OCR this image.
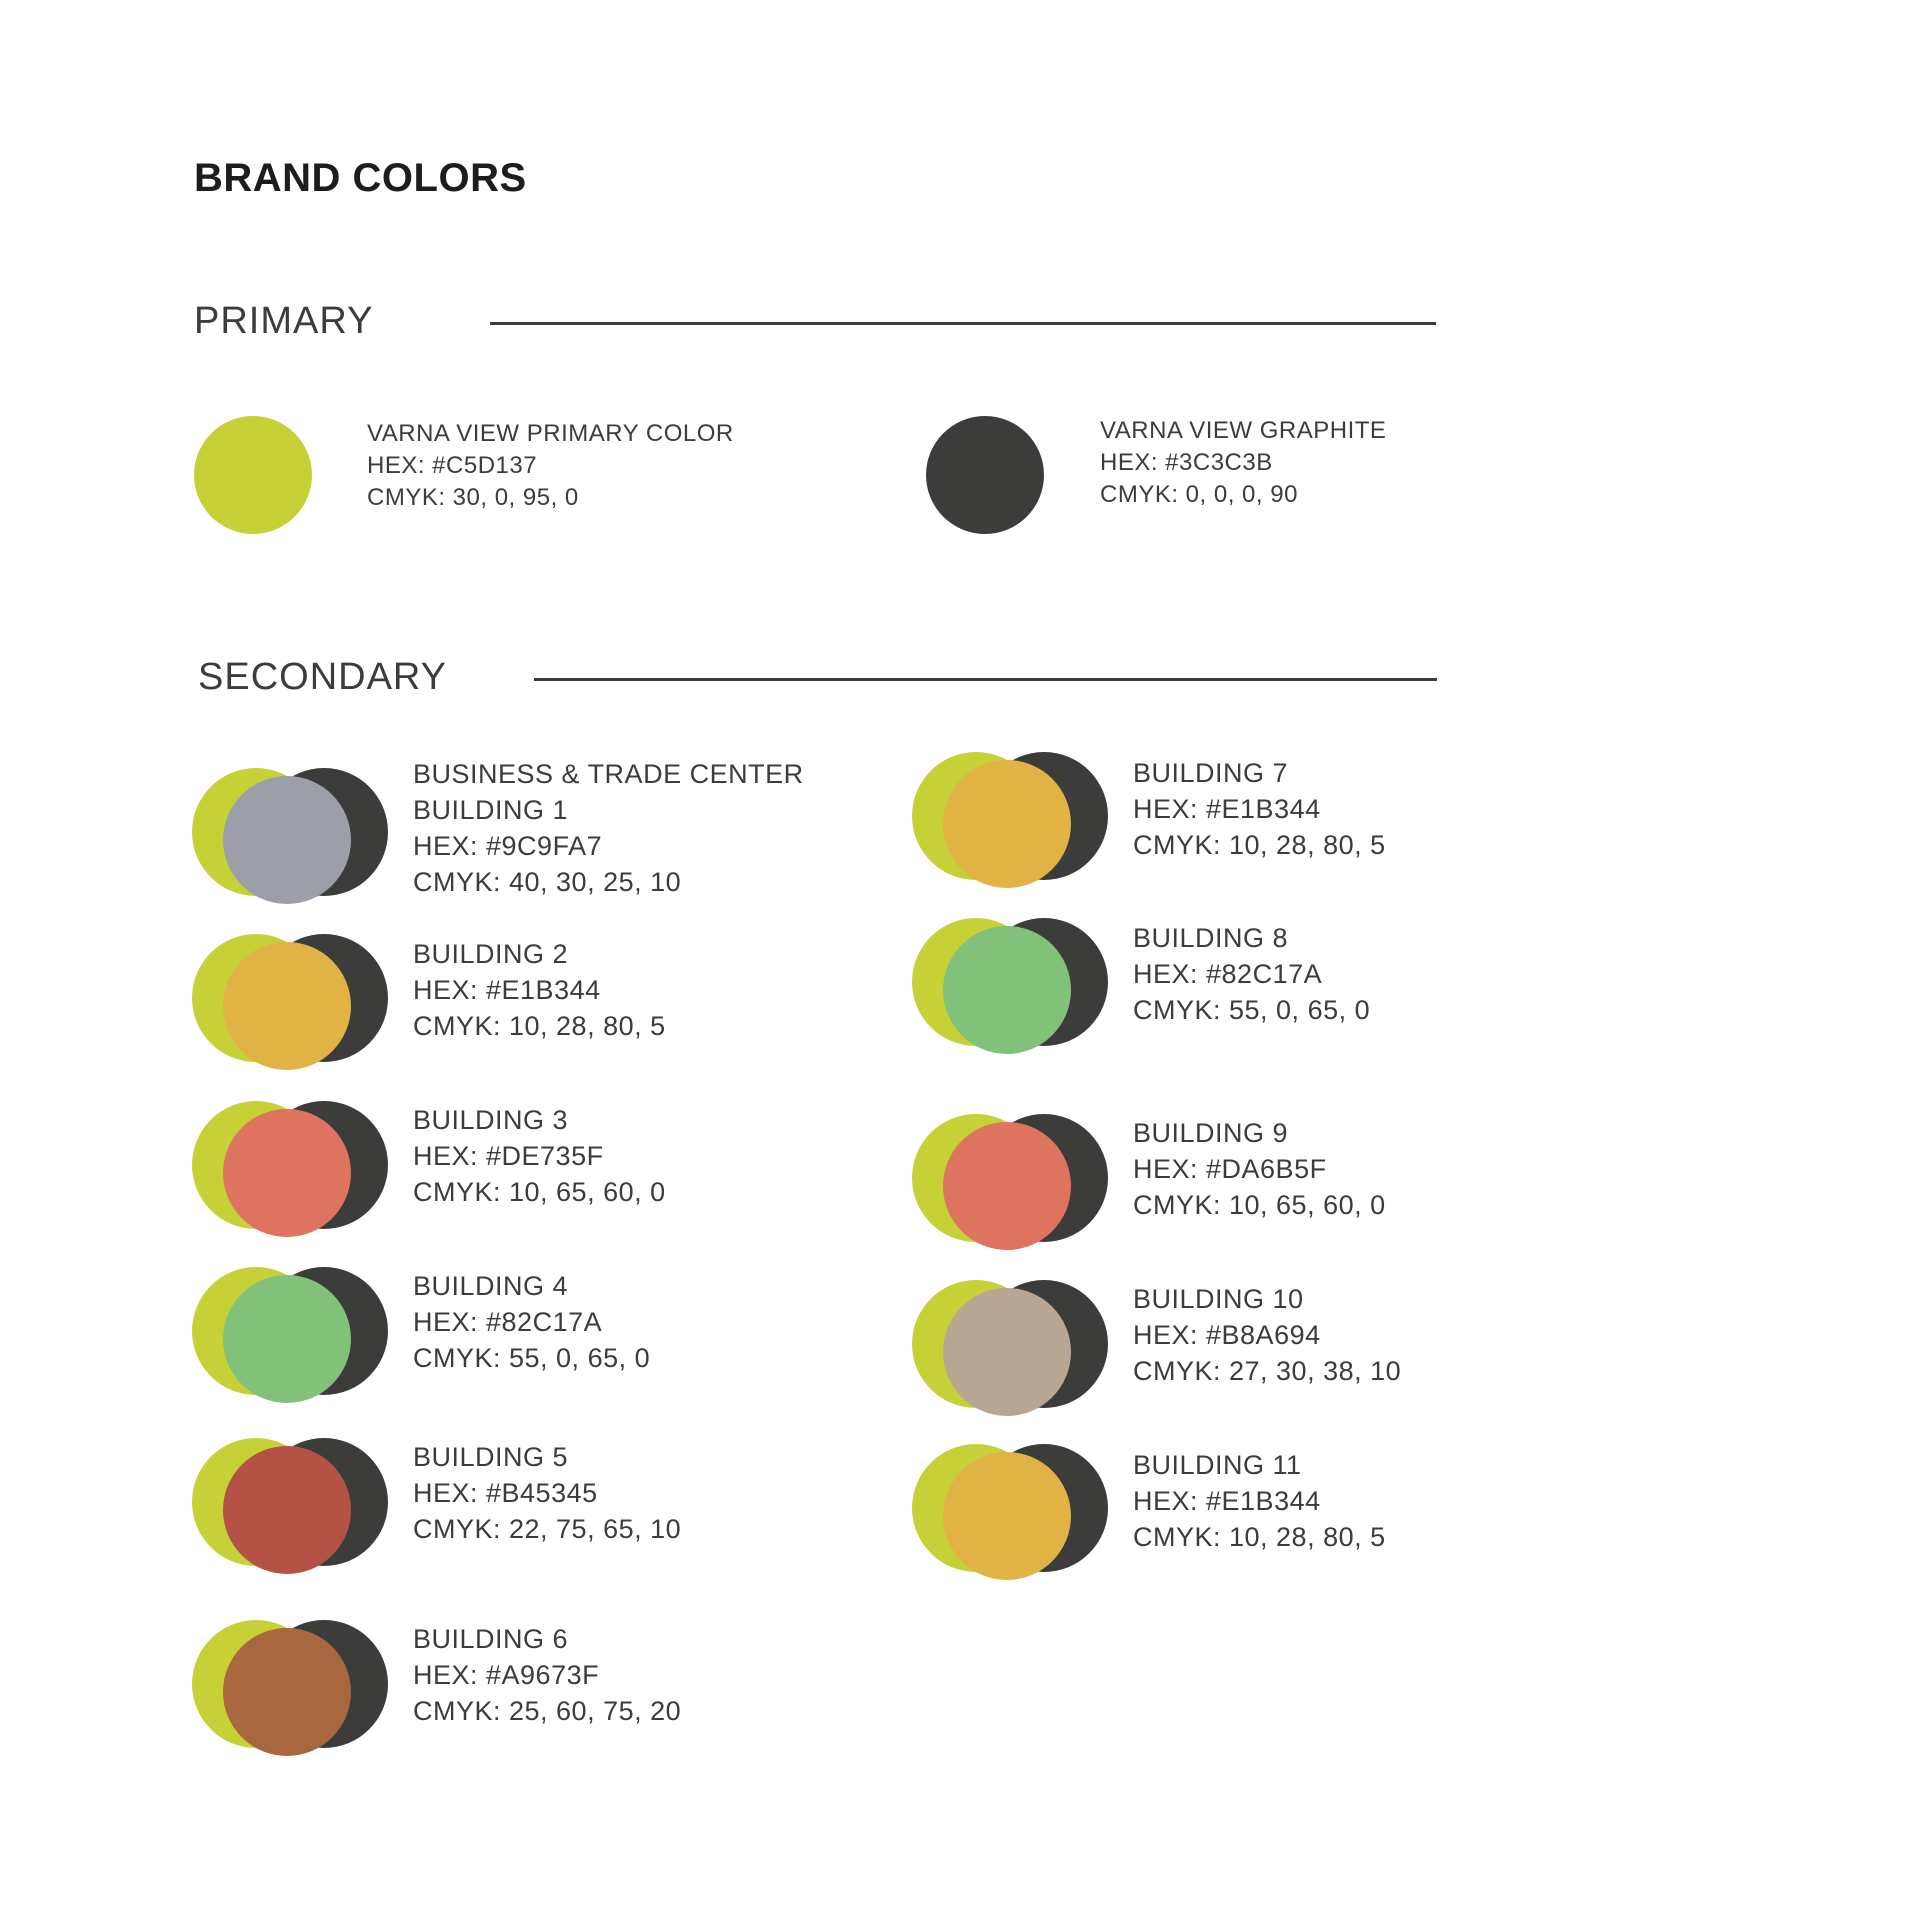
BRAND COLORS
PRIMARY
VARNA VIEW PRIMARY COLOR
HEX: #C5D137
CMYK: 30, 0, 95, 0
VARNA VIEW GRAPHITE
HEX: #3C3C3B
CMYK: 0, 0, 0, 90
SECONDARY
BUSINESS & TRADE CENTER
BUILDING 1
HEX: #9C9FA7
CMYK: 40, 30, 25, 10
BUILDING 2
HEX: #E1B344
CMYK: 10, 28, 80, 5
BUILDING 3
HEX: #DE735F
CMYK: 10, 65, 60, 0
BUILDING 4
HEX: #82C17A
CMYK: 55, 0, 65, 0
BUILDING 5
HEX: #B45345
CMYK: 22, 75, 65, 10
BUILDING 6
HEX: #A9673F
CMYK: 25, 60, 75, 20
BUILDING 7
HEX: #E1B344
CMYK: 10, 28, 80, 5
BUILDING 8
HEX: #82C17A
CMYK: 55, 0, 65, 0
BUILDING 9
HEX: #DA6B5F
CMYK: 10, 65, 60, 0
BUILDING 10
HEX: #B8A694
CMYK: 27, 30, 38, 10
BUILDING 11
HEX: #E1B344
CMYK: 10, 28, 80, 5
